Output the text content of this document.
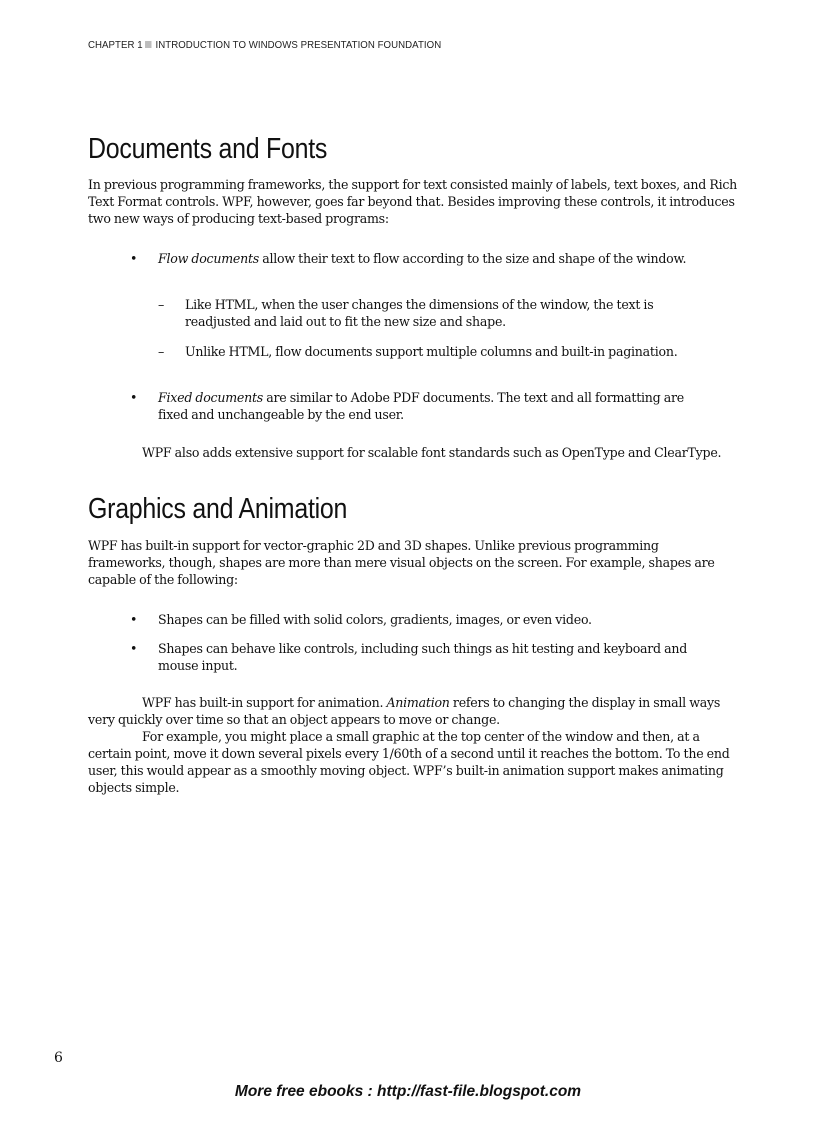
CHAPTER 1 INTRODUCTION TO WINDOWS PRESENTATION FOUNDATION
Documents and Fonts

In previous programming frameworks, the support for text consisted mainly of labels, text boxes, and Rich Text Format controls. WPF, however, goes far beyond that. Besides improving these controls, it introduces two new ways of producing text-based programs:

• Flow documents allow their text to flow according to the size and shape of the window.
– Like HTML, when the user changes the dimensions of the window, the text is readjusted and laid out to fit the new size and shape.
– Unlike HTML, flow documents support multiple columns and built-in pagination.
• Fixed documents are similar to Adobe PDF documents. The text and all formatting are fixed and unchangeable by the end user.

WPF also adds extensive support for scalable font standards such as OpenType and ClearType.

Graphics and Animation

WPF has built-in support for vector-graphic 2D and 3D shapes. Unlike previous programming frameworks, though, shapes are more than mere visual objects on the screen. For example, shapes are capable of the following:

• Shapes can be filled with solid colors, gradients, images, or even video.
• Shapes can behave like controls, including such things as hit testing and keyboard and mouse input.

WPF has built-in support for animation. Animation refers to changing the display in small ways very quickly over time so that an object appears to move or change.

For example, you might place a small graphic at the top center of the window and then, at a certain point, move it down several pixels every 1/60th of a second until it reaches the bottom. To the end user, this would appear as a smoothly moving object. WPF’s built-in animation support makes animating objects simple.

6
More free ebooks : http://fast-file.blogspot.com
